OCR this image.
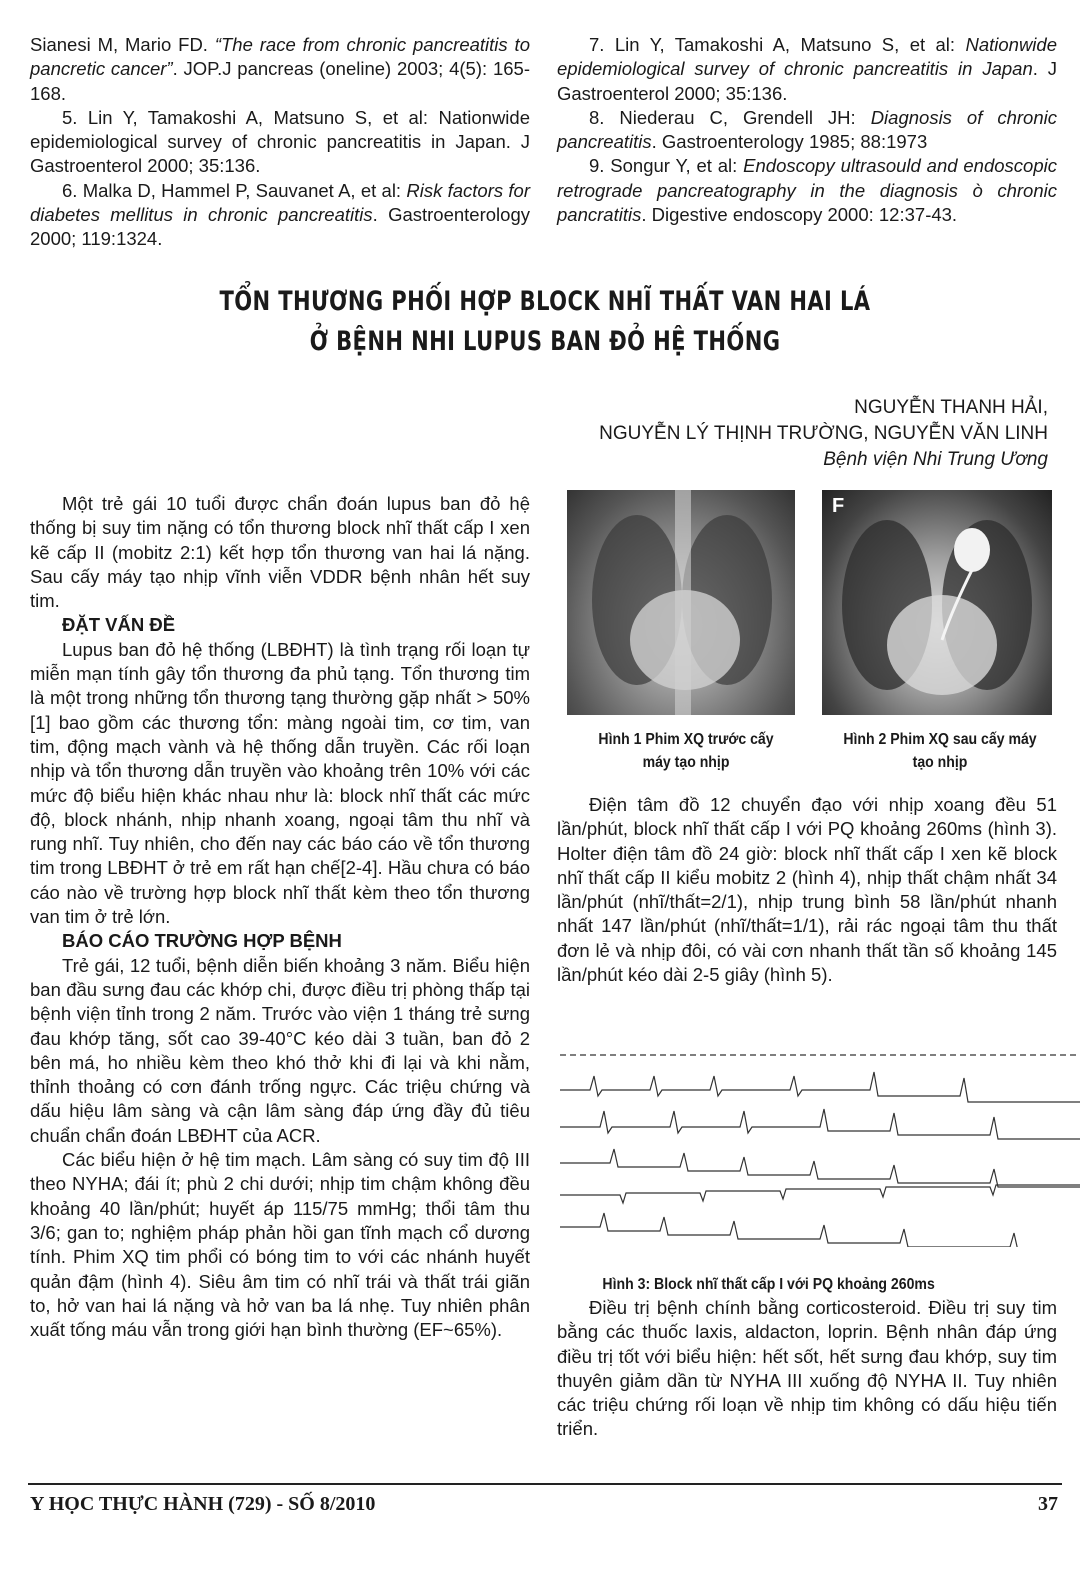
Sianesi M, Mario FD. “The race from chronic pancreatitis to pancretic cancer”. JOP.J pancreas (oneline) 2003; 4(5): 165-168.

5. Lin Y, Tamakoshi A, Matsuno S, et al: Nationwide epidemiological survey of chronic pancreatitis in Japan. J Gastroenterol 2000; 35:136.

6. Malka D, Hammel P, Sauvanet A, et al: Risk factors for diabetes mellitus in chronic pancreatitis. Gastroenterology 2000; 119:1324.

7. Lin Y, Tamakoshi A, Matsuno S, et al: Nationwide epidemiological survey of chronic pancreatitis in Japan. J Gastroenterol 2000; 35:136.

8. Niederau C, Grendell JH: Diagnosis of chronic pancreatitis. Gastroenterology 1985; 88:1973

9. Songur Y, et al: Endoscopy ultrasould and endoscopic retrograde pancreatography in the diagnosis ò chronic pancratitis. Digestive endoscopy 2000: 12:37-43.

TỔN THƯƠNG PHỐI HỢP BLOCK NHĨ THẤT VAN HAI LÁ
Ở BỆNH NHI LUPUS BAN ĐỎ HỆ THỐNG
NGUYỄN THANH HẢI,
NGUYỄN LÝ THỊNH TRƯỜNG, NGUYỄN VĂN LINH
Bệnh viện Nhi Trung Ương

Một trẻ gái 10 tuổi được chẩn đoán lupus ban đỏ hệ thống bị suy tim nặng có tổn thương block nhĩ thất cấp I xen kẽ cấp II (mobitz 2:1) kết hợp tổn thương van hai lá nặng. Sau cấy máy tạo nhịp vĩnh viễn VDDR bệnh nhân hết suy tim.

ĐẶT VẤN ĐỀ

Lupus ban đỏ hệ thống (LBĐHT) là tình trạng rối loạn tự miễn mạn tính gây tổn thương đa phủ tạng. Tổn thương tim là một trong những tổn thương tạng thường gặp nhất > 50%[1] bao gồm các thương tổn: màng ngoài tim, cơ tim, van tim, động mạch vành và hệ thống dẫn truyền. Các rối loạn nhịp và tổn thương dẫn truyền vào khoảng trên 10% với các mức độ biểu hiện khác nhau như là: block nhĩ thất các mức độ, block nhánh, nhịp nhanh xoang, ngoại tâm thu nhĩ và rung nhĩ. Tuy nhiên, cho đến nay các báo cáo về tổn thương tim trong LBĐHT ở trẻ em rất hạn chế[2-4]. Hầu chưa có báo cáo nào về trường hợp block nhĩ thất kèm theo tổn thương van tim ở trẻ lớn.

BÁO CÁO TRƯỜNG HỢP BỆNH

Trẻ gái, 12 tuổi, bệnh diễn biến khoảng 3 năm. Biểu hiện ban đầu sưng đau các khớp chi, được điều trị phòng thấp tại bệnh viện tỉnh trong 2 năm. Trước vào viện 1 tháng trẻ sưng đau khớp tăng, sốt cao 39-40°C kéo dài 3 tuần, ban đỏ 2 bên má, ho nhiều kèm theo khó thở khi đi lại và khi nằm, thỉnh thoảng có cơn đánh trống ngực. Các triệu chứng và dấu hiệu lâm sàng và cận lâm sàng đáp ứng đầy đủ tiêu chuẩn chẩn đoán LBĐHT của ACR.

Các biểu hiện ở hệ tim mạch. Lâm sàng có suy tim độ III theo NYHA; đái ít; phù 2 chi dưới; nhịp tim chậm không đều khoảng 40 lần/phút; huyết áp 115/75 mmHg; thổi tâm thu 3/6; gan to; nghiệm pháp phản hồi gan tĩnh mạch cổ dương tính. Phim XQ tim phổi có bóng tim to với các nhánh huyết quản đậm (hình 4). Siêu âm tim có nhĩ trái và thất trái giãn to, hở van hai lá nặng và hở van ba lá nhẹ. Tuy nhiên phân xuất tống máu vẫn trong giới hạn bình thường (EF~65%).

F
Hình 1 Phim XQ trước cấy máy tạo nhịp
Hình 2 Phim XQ sau cấy máy tạo nhịp

Điện tâm đồ 12 chuyển đạo với nhịp xoang đều 51 lần/phút, block nhĩ thất cấp I với PQ khoảng 260ms (hình 3). Holter điện tâm đồ 24 giờ: block nhĩ thất cấp I xen kẽ block nhĩ thất cấp II kiểu mobitz 2 (hình 4), nhịp thất chậm nhất 34 lần/phút (nhĩ/thất=2/1), nhịp trung bình 58 lần/phút nhanh nhất 147 lần/phút (nhĩ/thất=1/1), rải rác ngoại tâm thu thất đơn lẻ và nhịp đôi, có vài cơn nhanh thất tần số khoảng 145 lần/phút kéo dài 2-5 giây (hình 5).

Hình 3: Block nhĩ thất cấp I với PQ khoảng 260ms

Điều trị bệnh chính bằng corticosteroid. Điều trị suy tim bằng các thuốc laxis, aldacton, loprin. Bệnh nhân đáp ứng điều trị tốt với biểu hiện: hết sốt, hết sưng đau khớp, suy tim thuyên giảm dần từ NYHA III xuống độ NYHA II. Tuy nhiên các triệu chứng rối loạn về nhịp tim không có dấu hiệu tiến triển.

Y HỌC THỰC HÀNH (729) - SỐ 8/2010	37
